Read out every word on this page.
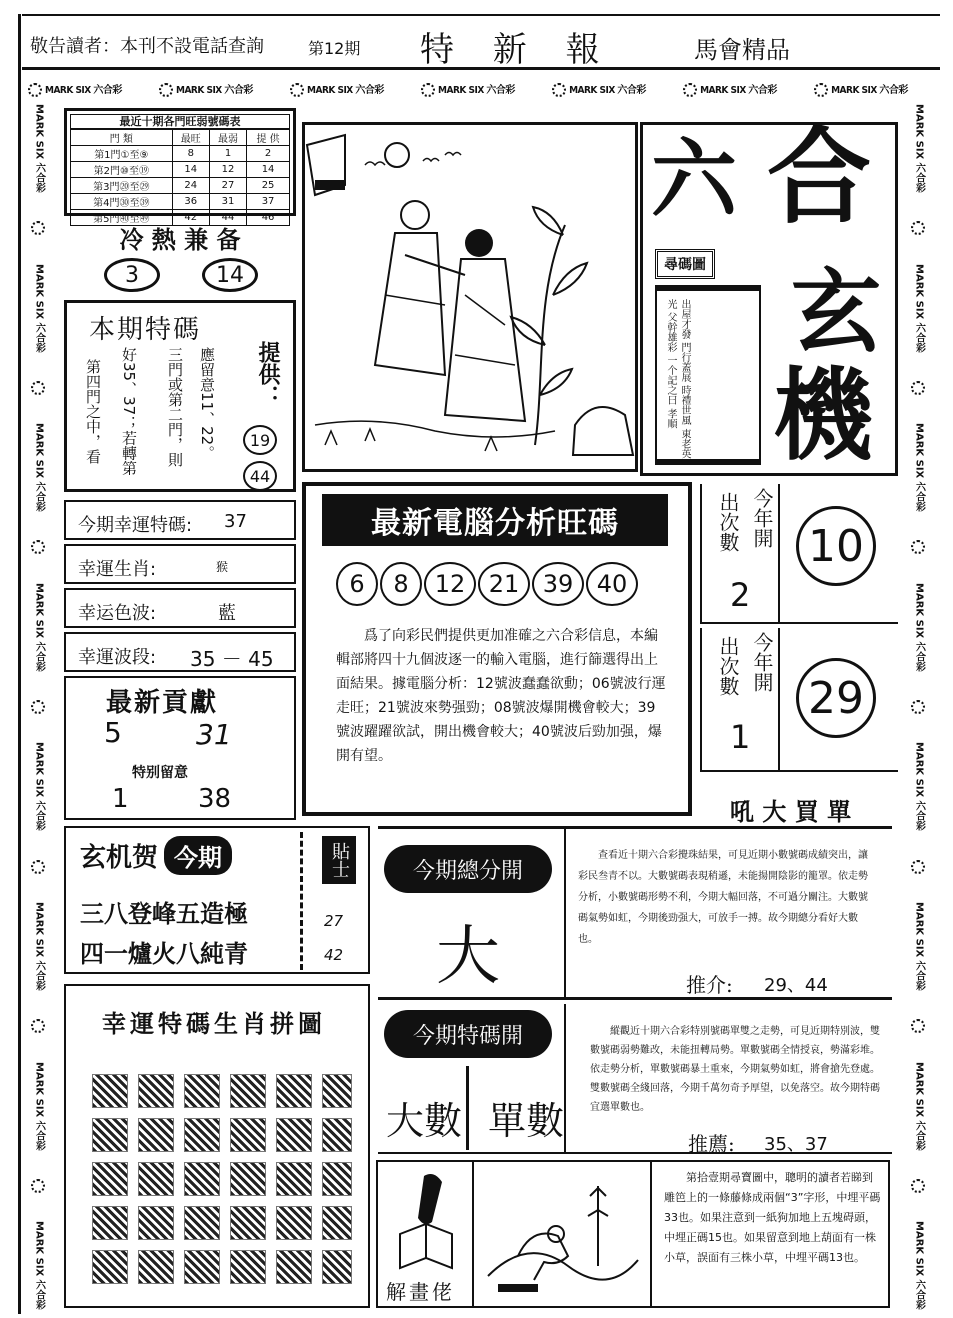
敬告讀者：本刊不設電話查詢	第12期 特 新 報	馬會精品
MARK SIX 六合彩	MARK SIX 六合彩	MARK SIX 六合彩	MARK SIX 六合彩	MARK SIX 六合彩	MARK SIX 六合彩	MARK SIX 六合彩
MARK SIX 六合彩
MARK SIX 六合彩
MARK SIX 六合彩
MARK SIX 六合彩
MARK SIX 六合彩
MARK SIX 六合彩
MARK SIX 六合彩
MARK SIX 六合彩
MARK SIX 六合彩
MARK SIX 六合彩
MARK SIX 六合彩
MARK SIX 六合彩
MARK SIX 六合彩
MARK SIX 六合彩
MARK SIX 六合彩
MARK SIX 六合彩
最近十期各門旺弱號碼表
門 類	最旺	最弱	提 供
第1門①至⑨	8	1	2
第2門⑩至⑲	14	12	14
第3門⑳至㉙	24	27	25
第4門㉚至㊴	36	31	37
第5門㊵至㊾	42	44	46
冷 熱 兼 备
3	14
本期特碼
應留意11、22。
三門或第二門，則
好35、37；若轉第
第四門之中，看	提供：
19
44
今期幸運特碼: 37
幸運生肖:	猴
幸运色波:	藍
幸運波段: 35 － 45
最新貢獻
5	31
特别留意
1	38
玄机贺 今期
三八登峰五造極
四一爐火八純青
貼士
27
42
幸運特碼生肖拼圖
六 合
玄
機
尋碼圖
出屋才發 門行蓋展 時禮世風 東老英光 父幹雄彩 一个記之曰 孝順
最新電腦分析旺碼
6	8	12 21 39 40
爲了向彩民們提供更加准確之六合彩信息，本編輯部將四十九個波逐一的輸入電腦，進行篩選得出上面結果。據電腦分析：12號波蠢蠢欲動；06號波行運走旺；21號波來勢强勁；08號波爆開機會較大；39號波躍躍欲試，開出機會較大；40號波后勁加强，爆開有望。
出次數 今年開
2
10
出次數 今年開
1
29
吼 大 買 單
今期總分開
大
查看近十期六合彩攪珠結果，可見近期小數號碼成績突出，讓彩民叁青不以。大數號碼表現稍遜，未能揚開陰影的籠罩。依走勢分析，小數號碼形勢不利，今期大幅回落，不可過分關注。大數號碼氣勢如虹，今期後勁强大，可放手一搏。故今期總分看好大數也。
推介: 29、44
今期特碼開
大數 單數
縱觀近十期六合彩特別號碼單雙之走勢，可見近期特別波，雙數號碼弱勢難改，未能扭轉局勢。單數號碼全情授哀，勢滿彩堆。依走勢分析，單數號碼暴土重來，今期氣勢如虹，將會搶先登處。雙數號碼全綫回落，今期千萬勿奇予厚望，以免落空。故今期特碼宜選單數也。
推薦: 35、37
解畫佬
第拾壹期尋寶圖中，聰明的讀者若睇到雕笆上的一條藤條成兩個“3”字形，中埋平碼33也。如果注意到一紙狗加地上五塊碍頭，中埋正碼15也。如果留意到地上葫面有一株小草，誤面有三株小草，中埋平碼13也。
